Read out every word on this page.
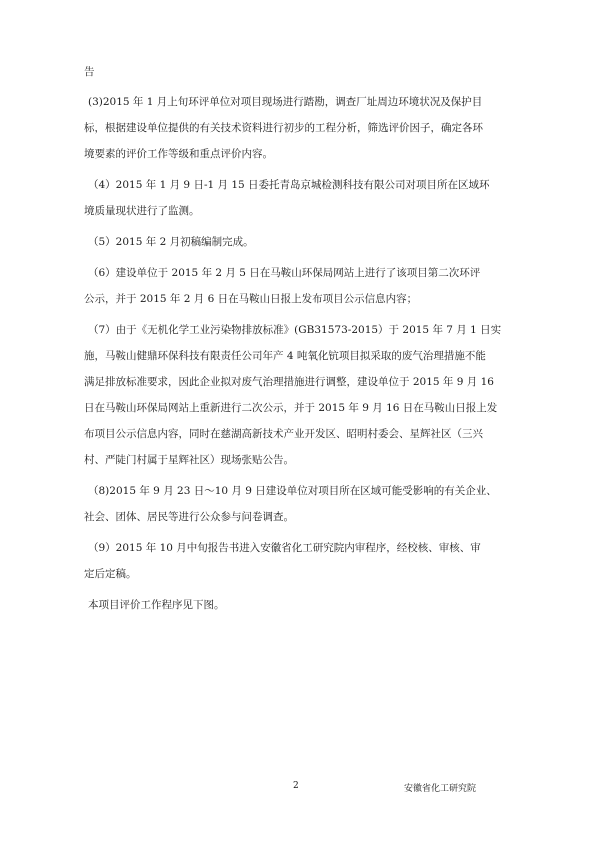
告
(3)2015 年 1 月上旬环评单位对项目现场进行踏勘，调查厂址周边环境状况及保护目
标，根据建设单位提供的有关技术资料进行初步的工程分析，筛选评价因子，确定各环
境要素的评价工作等级和重点评价内容。
（4）2015 年 1 月 9 日-1 月 15 日委托青岛京城检测科技有限公司对项目所在区域环
境质量现状进行了监测。
（5）2015 年 2 月初稿编制完成。
（6）建设单位于 2015 年 2 月 5 日在马鞍山环保局网站上进行了该项目第二次环评
公示，并于 2015 年 2 月 6 日在马鞍山日报上发布项目公示信息内容；
（7）由于《无机化学工业污染物排放标准》(GB31573-2015）于 2015 年 7 月 1 日实
施，马鞍山健鼎环保科技有限责任公司年产 4 吨氧化钪项目拟采取的废气治理措施不能
满足排放标准要求，因此企业拟对废气治理措施进行调整，建设单位于 2015 年 9 月 16
日在马鞍山环保局网站上重新进行二次公示，并于 2015 年 9 月 16 日在马鞍山日报上发
布项目公示信息内容，同时在慈湖高新技术产业开发区、昭明村委会、星辉社区（三兴
村、严陡门村属于星辉社区）现场张贴公告。
（8)2015 年 9 月 23 日～10 月 9 日建设单位对项目所在区域可能受影响的有关企业、
社会、团体、居民等进行公众参与问卷调查。
（9）2015 年 10 月中旬报告书进入安徽省化工研究院内审程序，经校核、审核、审
定后定稿。
本项目评价工作程序见下图。
2	安徽省化工研究院
